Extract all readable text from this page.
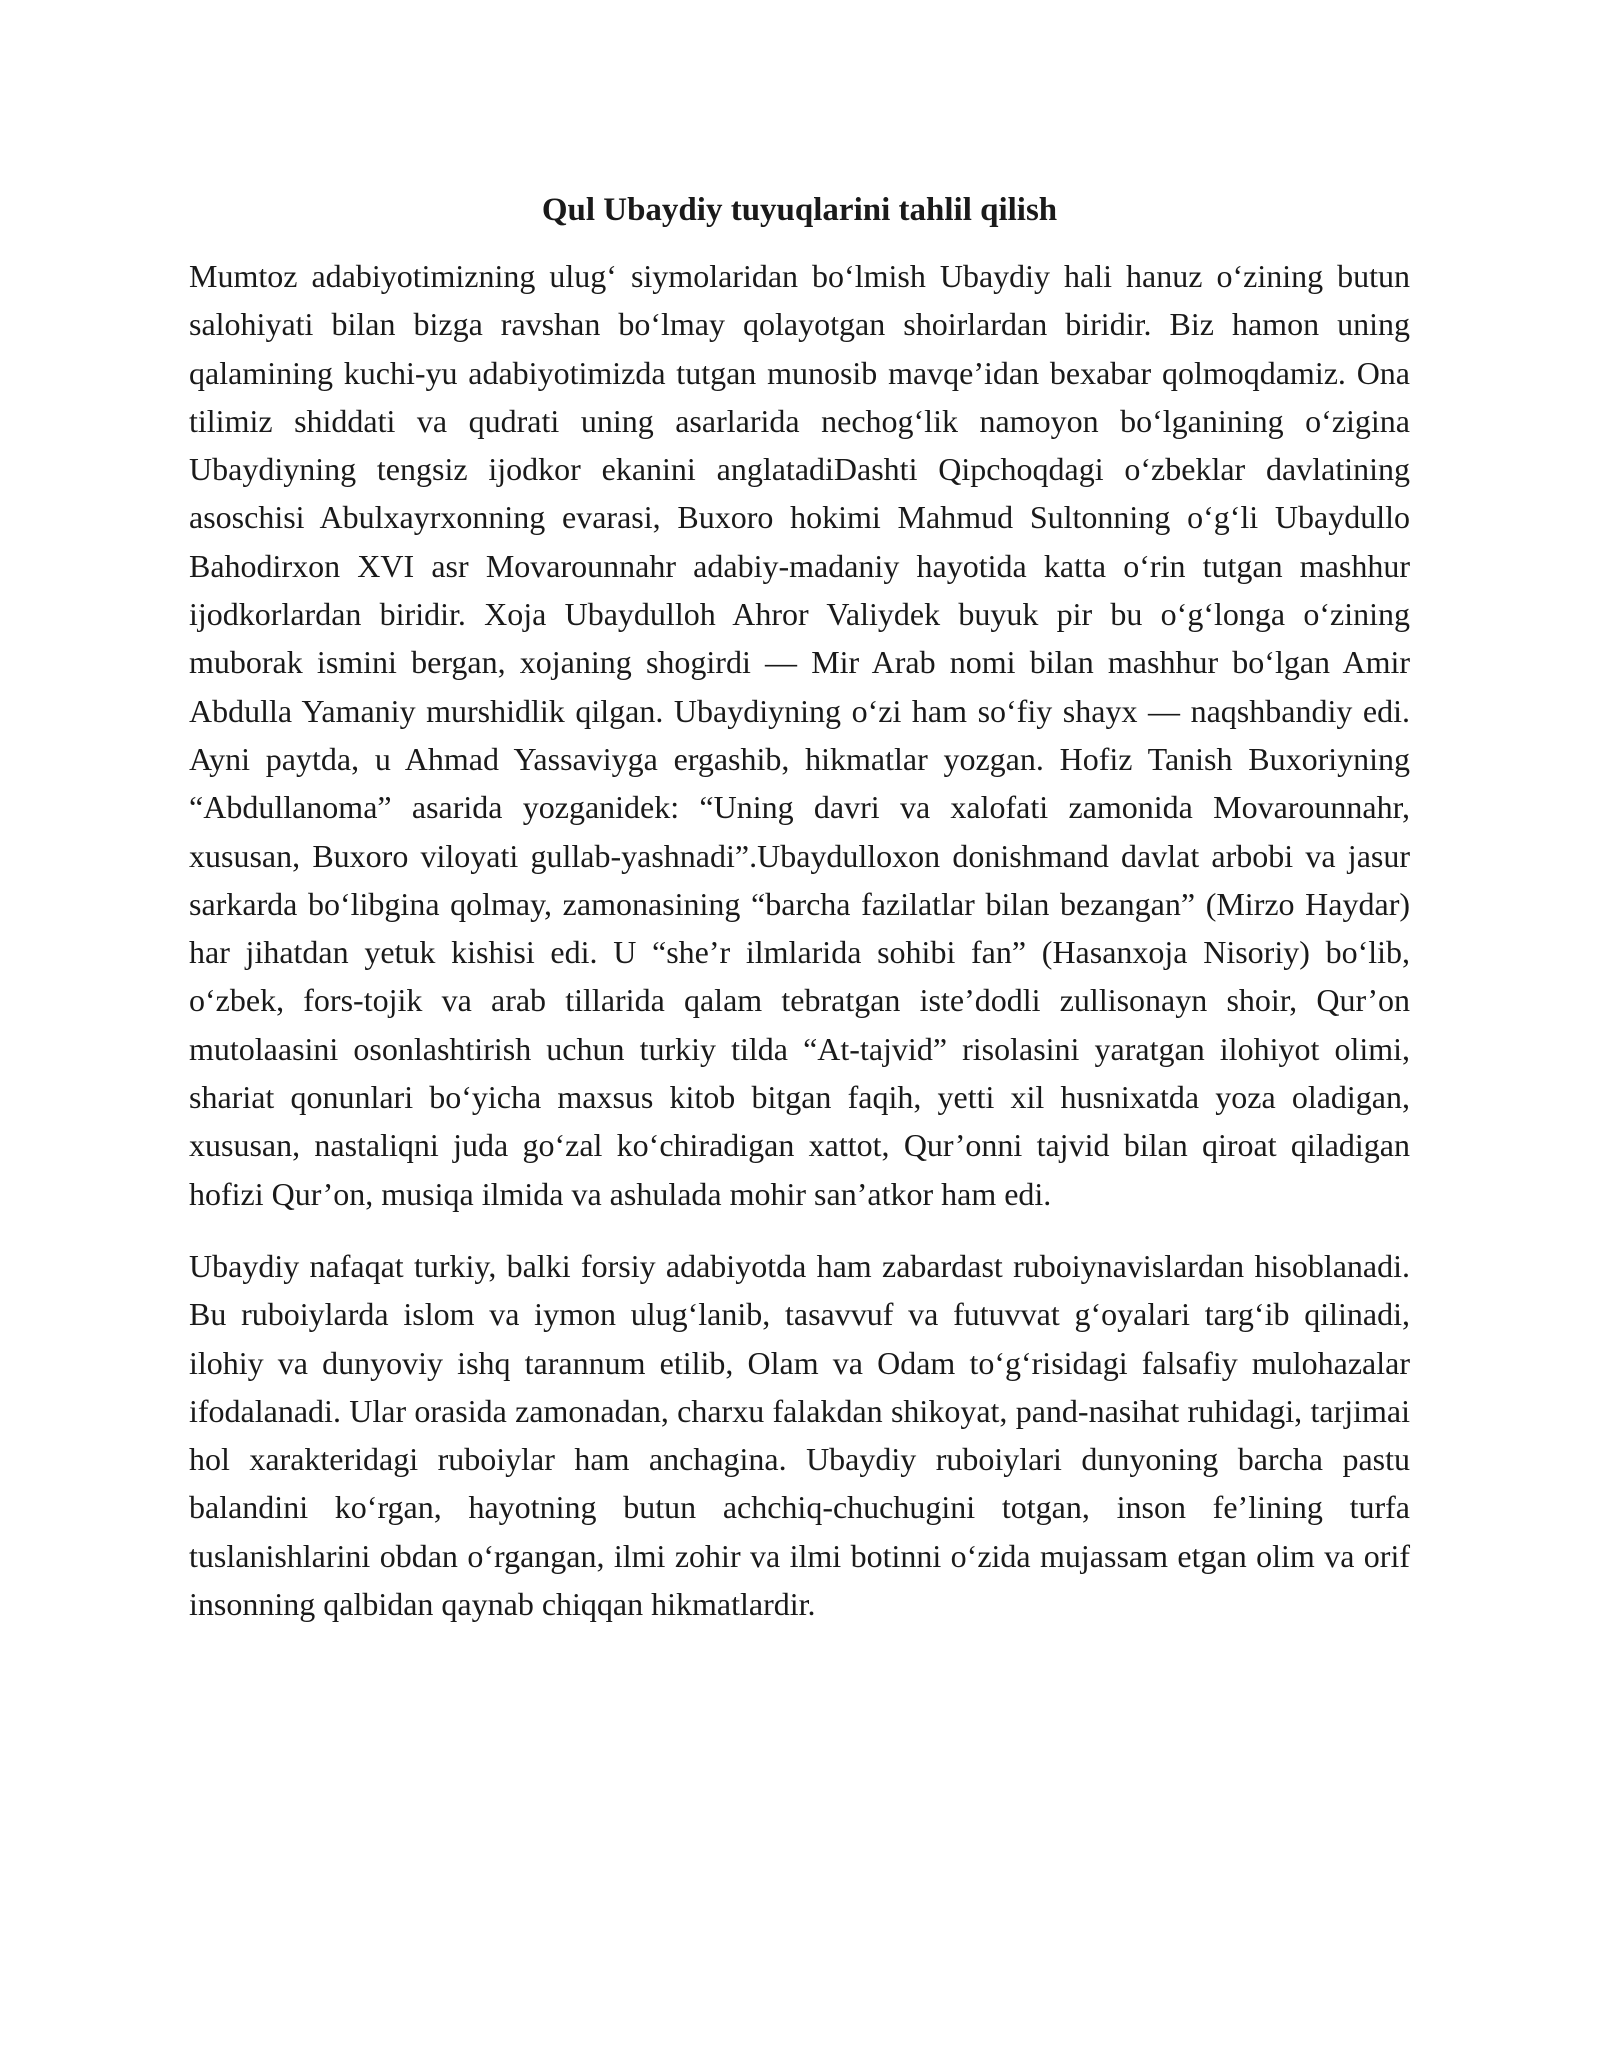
Qul Ubaydiy tuyuqlarini tahlil qilish

Mumtoz adabiyotimizning ulug‘ siymolaridan bo‘lmish Ubaydiy hali hanuz o‘zining butun salohiyati bilan bizga ravshan bo‘lmay qolayotgan shoirlardan biridir. Biz hamon uning qalamining kuchi-yu adabiyotimizda tutgan munosib mavqe’idan bexabar qolmoqdamiz. Ona tilimiz shiddati va qudrati uning asarlarida nechog‘lik namoyon bo‘lganining o‘zigina Ubaydiyning tengsiz ijodkor ekanini anglatadiDashti Qipchoqdagi o‘zbeklar davlatining asoschisi Abulxayrxonning evarasi, Buxoro hokimi Mahmud Sultonning o‘g‘li Ubaydullo Bahodirxon XVI asr Movarounnahr adabiy-madaniy hayotida katta o‘rin tutgan mashhur ijodkorlardan biridir. Xoja Ubaydulloh Ahror Valiydek buyuk pir bu o‘g‘longa o‘zining muborak ismini bergan, xojaning shogirdi — Mir Arab nomi bilan mashhur bo‘lgan Amir Abdulla Yamaniy murshidlik qilgan. Ubaydiyning o‘zi ham so‘fiy shayx — naqshbandiy edi. Ayni paytda, u Ahmad Yassaviyga ergashib, hikmatlar yozgan. Hofiz Tanish Buxoriyning “Abdullanoma” asarida yozganidek: “Uning davri va xalofati zamonida Movarounnahr, xususan, Buxoro viloyati gullab-yashnadi”.Ubaydulloxon donishmand davlat arbobi va jasur sarkarda bo‘libgina qolmay, zamonasining “barcha fazilatlar bilan bezangan” (Mirzo Haydar) har jihatdan yetuk kishisi edi. U “she’r ilmlarida sohibi fan” (Hasanxoja Nisoriy) bo‘lib, o‘zbek, fors-tojik va arab tillarida qalam tebratgan iste’dodli zullisonayn shoir, Qur’on mutolaasini osonlashtirish uchun turkiy tilda “At-tajvid” risolasini yaratgan ilohiyot olimi, shariat qonunlari bo‘yicha maxsus kitob bitgan faqih, yetti xil husnixatda yoza oladigan, xususan, nastaliqni juda go‘zal ko‘chiradigan xattot, Qur’onni tajvid bilan qiroat qiladigan hofizi Qur’on, musiqa ilmida va ashulada mohir san’atkor ham edi.

Ubaydiy nafaqat turkiy, balki forsiy adabiyotda ham zabardast ruboiynavislardan hisoblanadi. Bu ruboiylarda islom va iymon ulug‘lanib, tasavvuf va futuvvat g‘oyalari targ‘ib qilinadi, ilohiy va dunyoviy ishq tarannum etilib, Olam va Odam to‘g‘risidagi falsafiy mulohazalar ifodalanadi. Ular orasida zamonadan, charxu falakdan shikoyat, pand-nasihat ruhidagi, tarjimai hol xarakteridagi ruboiylar ham anchagina. Ubaydiy ruboiylari dunyoning barcha pastu balandini ko‘rgan, hayotning butun achchiq-chuchugini totgan, inson fe’lining turfa tuslanishlarini obdan o‘rgangan, ilmi zohir va ilmi botinni o‘zida mujassam etgan olim va orif insonning qalbidan qaynab chiqqan hikmatlardir.
